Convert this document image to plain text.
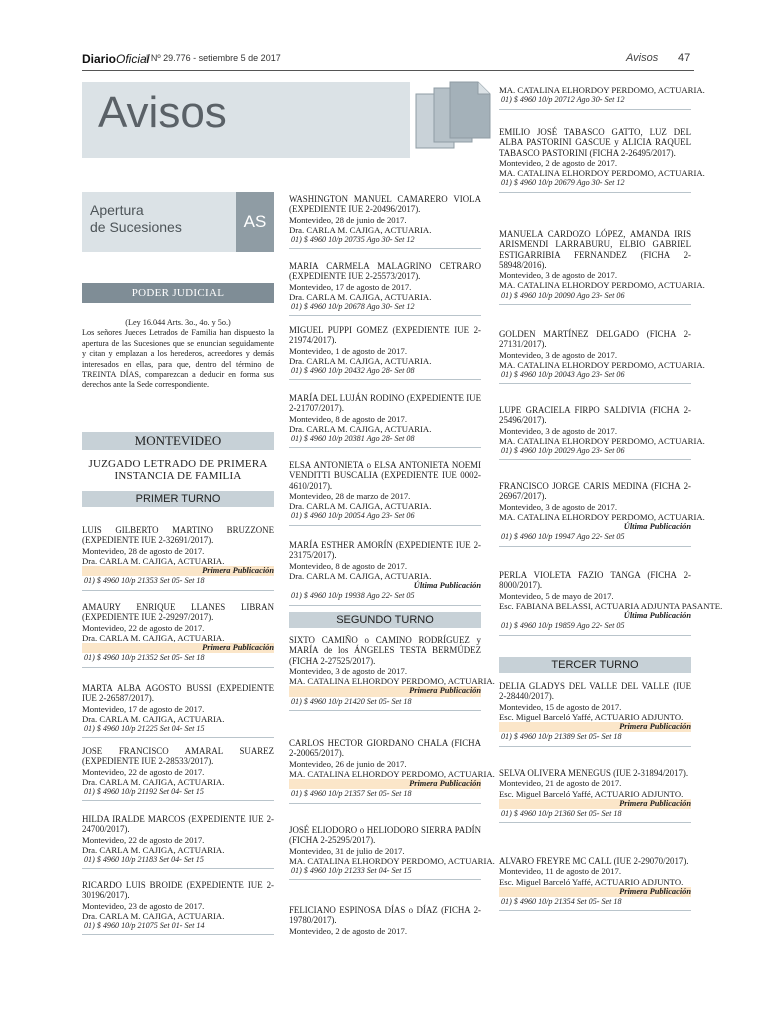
DiarioOficial
| Nº 29.776 - setiembre 5 de 2017	Avisos 47
Avisos
Apertura
de Sucesiones	AS
PODER JUDICIAL
(Ley 16.044 Arts. 3o., 4o. y 5o.)
Los señores Jueces Letrados de Familia han dispuesto la apertura de las Sucesiones que se enuncian seguidamente y citan y emplazan a los herederos, acreedores y demás interesados en ellas, para que, dentro del término de TREINTA DÍAS, comparezcan a deducir en forma sus derechos ante la Sede correspondiente.
MONTEVIDEO
JUZGADO LETRADO DE PRIMERA INSTANCIA DE FAMILIA
PRIMER TURNO
LUIS GILBERTO MARTINO BRUZZONE (EXPEDIENTE IUE 2-32691/2017).
Montevideo, 28 de agosto de 2017.
Dra. CARLA M. CAJIGA, ACTUARIA.
Primera Publicación
01) $ 4960 10/p 21353 Set 05- Set 18
AMAURY ENRIQUE LLANES LIBRAN (EXPEDIENTE IUE 2-29297/2017).
Montevideo, 22 de agosto de 2017.
Dra. CARLA M. CAJIGA, ACTUARIA.
Primera Publicación
01) $ 4960 10/p 21352 Set 05- Set 18
MARTA ALBA AGOSTO BUSSI (EXPEDIENTE IUE 2-26587/2017).
Montevideo, 17 de agosto de 2017.
Dra. CARLA M. CAJIGA, ACTUARIA.
01) $ 4960 10/p 21225 Set 04- Set 15
JOSE FRANCISCO AMARAL SUAREZ (EXPEDIENTE IUE 2-28533/2017).
Montevideo, 22 de agosto de 2017.
Dra. CARLA M. CAJIGA, ACTUARIA.
01) $ 4960 10/p 21192 Set 04- Set 15
HILDA IRALDE MARCOS (EXPEDIENTE IUE 2-24700/2017).
Montevideo, 22 de agosto de 2017.
Dra. CARLA M. CAJIGA, ACTUARIA.
01) $ 4960 10/p 21183 Set 04- Set 15
RICARDO LUIS BROIDE (EXPEDIENTE IUE 2-30196/2017).
Montevideo, 23 de agosto de 2017.
Dra. CARLA M. CAJIGA, ACTUARIA.
01) $ 4960 10/p 21075 Set 01- Set 14
WASHINGTON MANUEL CAMARERO VIOLA (EXPEDIENTE IUE 2-20496/2017).
Montevideo, 28 de junio de 2017.
Dra. CARLA M. CAJIGA, ACTUARIA.
01) $ 4960 10/p 20735 Ago 30- Set 12
MARIA CARMELA MALAGRINO CETRARO (EXPEDIENTE IUE 2-25573/2017).
Montevideo, 17 de agosto de 2017.
Dra. CARLA M. CAJIGA, ACTUARIA.
01) $ 4960 10/p 20678 Ago 30- Set 12
MIGUEL PUPPI GOMEZ (EXPEDIENTE IUE 2-21974/2017).
Montevideo, 1 de agosto de 2017.
Dra. CARLA M. CAJIGA, ACTUARIA.
01) $ 4960 10/p 20432 Ago 28- Set 08
MARÍA DEL LUJÁN RODINO (EXPEDIENTE IUE 2-21707/2017).
Montevideo, 8 de agosto de 2017.
Dra. CARLA M. CAJIGA, ACTUARIA.
01) $ 4960 10/p 20381 Ago 28- Set 08
ELSA ANTONIETA o ELSA ANTONIETA NOEMI VENDITTI BUSCALIA (EXPEDIENTE IUE 0002-4610/2017).
Montevideo, 28 de marzo de 2017.
Dra. CARLA M. CAJIGA, ACTUARIA.
01) $ 4960 10/p 20054 Ago 23- Set 06
MARÍA ESTHER AMORÍN (EXPEDIENTE IUE 2-23175/2017).
Montevideo, 8 de agosto de 2017.
Dra. CARLA M. CAJIGA, ACTUARIA.
Última Publicación
01) $ 4960 10/p 19938 Ago 22- Set 05
SEGUNDO TURNO
SIXTO CAMIÑO o CAMINO RODRÍGUEZ y MARÍA de los ÁNGELES TESTA BERMÚDEZ (FICHA 2-27525/2017).
Montevideo, 3 de agosto de 2017.
MA. CATALINA ELHORDOY PERDOMO, ACTUARIA.
Primera Publicación
01) $ 4960 10/p 21420 Set 05- Set 18
CARLOS HECTOR GIORDANO CHALA (FICHA 2-20065/2017).
Montevideo, 26 de junio de 2017.
MA. CATALINA ELHORDOY PERDOMO, ACTUARIA.
Primera Publicación
01) $ 4960 10/p 21357 Set 05- Set 18
JOSÉ ELIODORO o HELIODORO SIERRA PADÍN (FICHA 2-25295/2017).
Montevideo, 31 de julio de 2017.
MA. CATALINA ELHORDOY PERDOMO, ACTUARIA.
01) $ 4960 10/p 21233 Set 04- Set 15
FELICIANO ESPINOSA DÍAS o DÍAZ (FICHA 2-19780/2017).
Montevideo, 2 de agosto de 2017.
MA. CATALINA ELHORDOY PERDOMO, ACTUARIA.
01) $ 4960 10/p 20712 Ago 30- Set 12
EMILIO JOSÉ TABASCO GATTO, LUZ DEL ALBA PASTORINI GASCUE y ALICIA RAQUEL TABASCO PASTORINI (FICHA 2-26495/2017).
Montevideo, 2 de agosto de 2017.
MA. CATALINA ELHORDOY PERDOMO, ACTUARIA.
01) $ 4960 10/p 20679 Ago 30- Set 12
MANUELA CARDOZO LÓPEZ, AMANDA IRIS ARISMENDI LARRABURU, ELBIO GABRIEL ESTIGARRIBIA FERNANDEZ (FICHA 2-58948/2016).
Montevideo, 3 de agosto de 2017.
MA. CATALINA ELHORDOY PERDOMO, ACTUARIA.
01) $ 4960 10/p 20090 Ago 23- Set 06
GOLDEN MARTÍNEZ DELGADO (FICHA 2-27131/2017).
Montevideo, 3 de agosto de 2017.
MA. CATALINA ELHORDOY PERDOMO, ACTUARIA.
01) $ 4960 10/p 20043 Ago 23- Set 06
LUPE GRACIELA FIRPO SALDIVIA (FICHA 2-25496/2017).
Montevideo, 3 de agosto de 2017.
MA. CATALINA ELHORDOY PERDOMO, ACTUARIA.
01) $ 4960 10/p 20029 Ago 23- Set 06
FRANCISCO JORGE CARIS MEDINA (FICHA 2-26967/2017).
Montevideo, 3 de agosto de 2017.
MA. CATALINA ELHORDOY PERDOMO, ACTUARIA.
Última Publicación
01) $ 4960 10/p 19947 Ago 22- Set 05
PERLA VIOLETA FAZIO TANGA (FICHA 2-8000/2017).
Montevideo, 5 de mayo de 2017.
Esc. FABIANA BELASSI, ACTUARIA ADJUNTA PASANTE.
Última Publicación
01) $ 4960 10/p 19859 Ago 22- Set 05
TERCER TURNO
DELIA GLADYS DEL VALLE DEL VALLE (IUE 2-28440/2017).
Montevideo, 15 de agosto de 2017.
Esc. Miguel Barceló Yaffé, ACTUARIO ADJUNTO.
Primera Publicación
01) $ 4960 10/p 21389 Set 05- Set 18
SELVA OLIVERA MENEGUS (IUE 2-31894/2017).
Montevideo, 21 de agosto de 2017.
Esc. Miguel Barceló Yaffé, ACTUARIO ADJUNTO.
Primera Publicación
01) $ 4960 10/p 21360 Set 05- Set 18
ALVARO FREYRE MC CALL (IUE 2-29070/2017).
Montevideo, 11 de agosto de 2017.
Esc. Miguel Barceló Yaffé, ACTUARIO ADJUNTO.
Primera Publicación
01) $ 4960 10/p 21354 Set 05- Set 18
